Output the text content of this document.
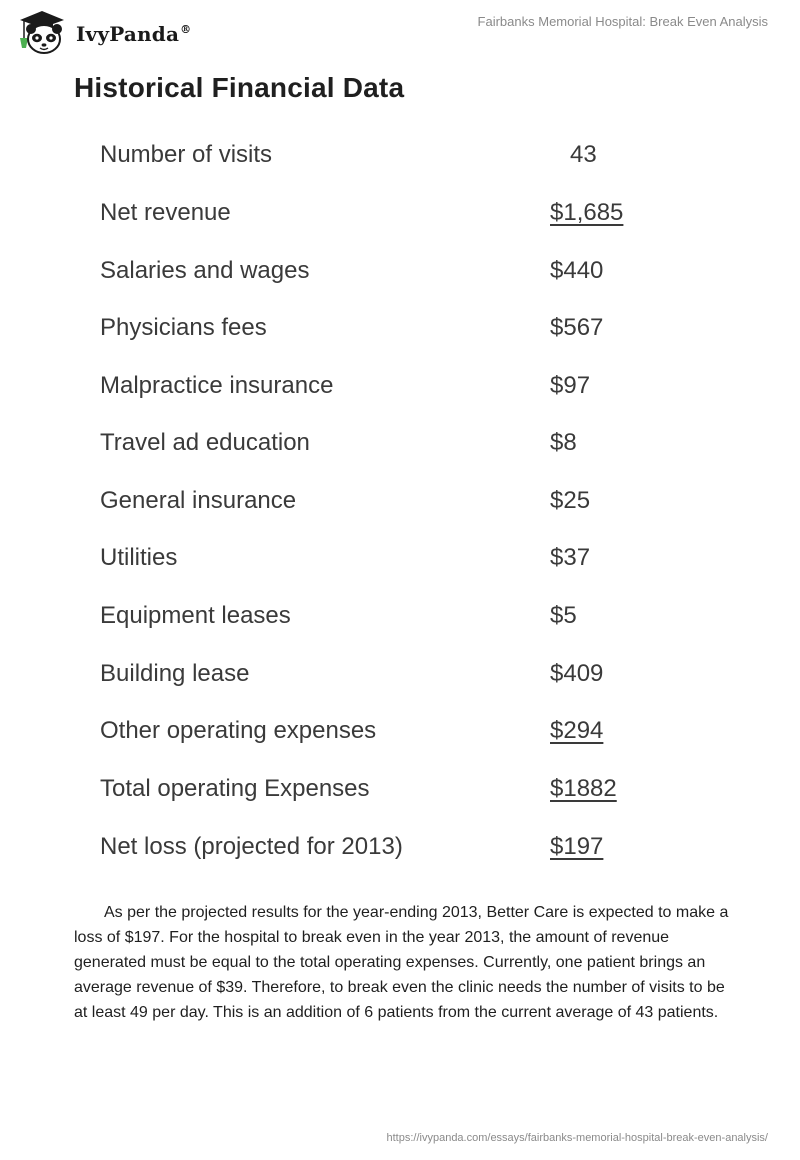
IvyPanda®
Fairbanks Memorial Hospital: Break Even Analysis
Historical Financial Data
Number of visits	43
Net revenue	$1,685
Salaries and wages	$440
Physicians fees	$567
Malpractice insurance	$97
Travel ad education	$8
General insurance	$25
Utilities	$37
Equipment leases	$5
Building lease	$409
Other operating expenses	$294
Total operating Expenses	$1882
Net loss (projected for 2013)	$197

As per the projected results for the year-ending 2013, Better Care is expected to make a loss of $197. For the hospital to break even in the year 2013, the amount of revenue generated must be equal to the total operating expenses. Currently, one patient brings an average revenue of $39. Therefore, to break even the clinic needs the number of visits to be at least 49 per day. This is an addition of 6 patients from the current average of 43 patients.

https://ivypanda.com/essays/fairbanks-memorial-hospital-break-even-analysis/
